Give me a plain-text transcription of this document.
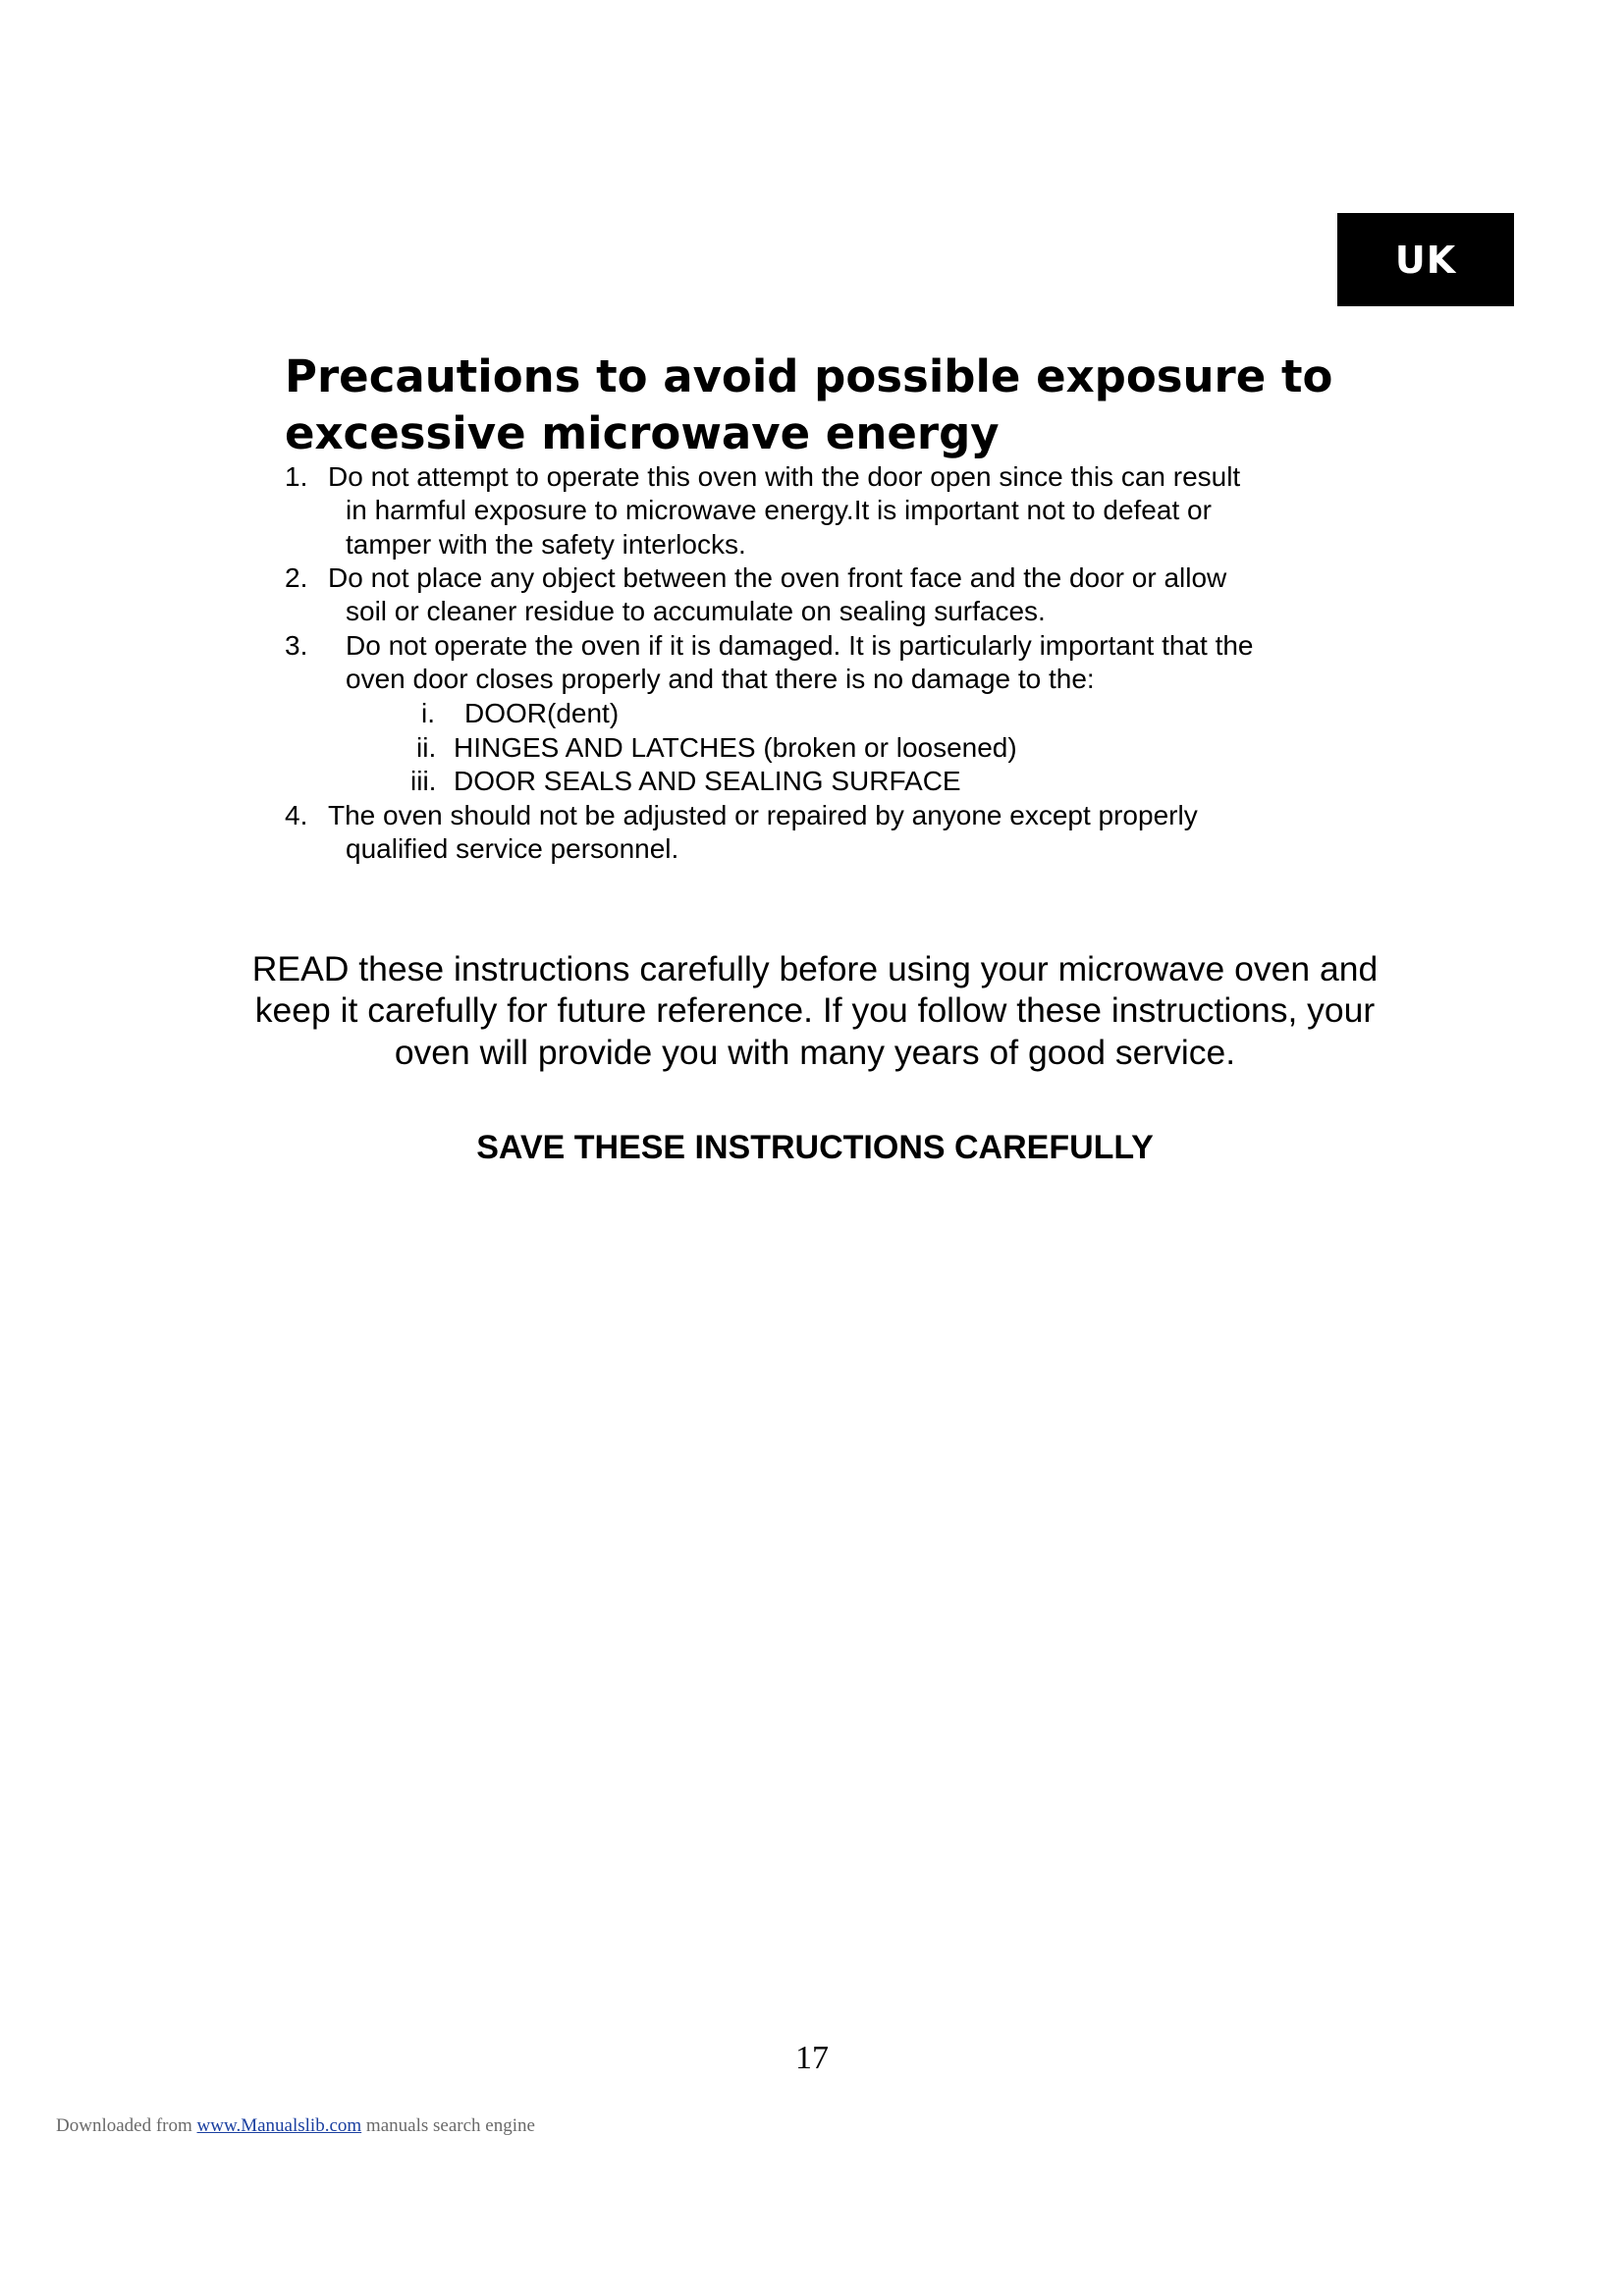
UK
Precautions to avoid possible exposure to
excessive microwave energy
1. Do not attempt to operate this oven with the door open since this can result
in harmful exposure to microwave energy.It is important not to defeat or
tamper with the safety interlocks.
2. Do not place any object between the oven front face and the door or allow
soil or cleaner residue to accumulate on sealing surfaces.
3. Do not operate the oven if it is damaged. It is particularly important that the
oven door closes properly and that there is no damage to the:
i. DOOR(dent)
ii. HINGES AND LATCHES (broken or loosened)
iii. DOOR SEALS AND SEALING SURFACE
4. The oven should not be adjusted or repaired by anyone except properly
qualified service personnel.

READ these instructions carefully before using your microwave oven and keep it carefully for future reference. If you follow these instructions, your oven will provide you with many years of good service.

SAVE THESE INSTRUCTIONS CAREFULLY
17
Downloaded from www.Manualslib.com manuals search engine
